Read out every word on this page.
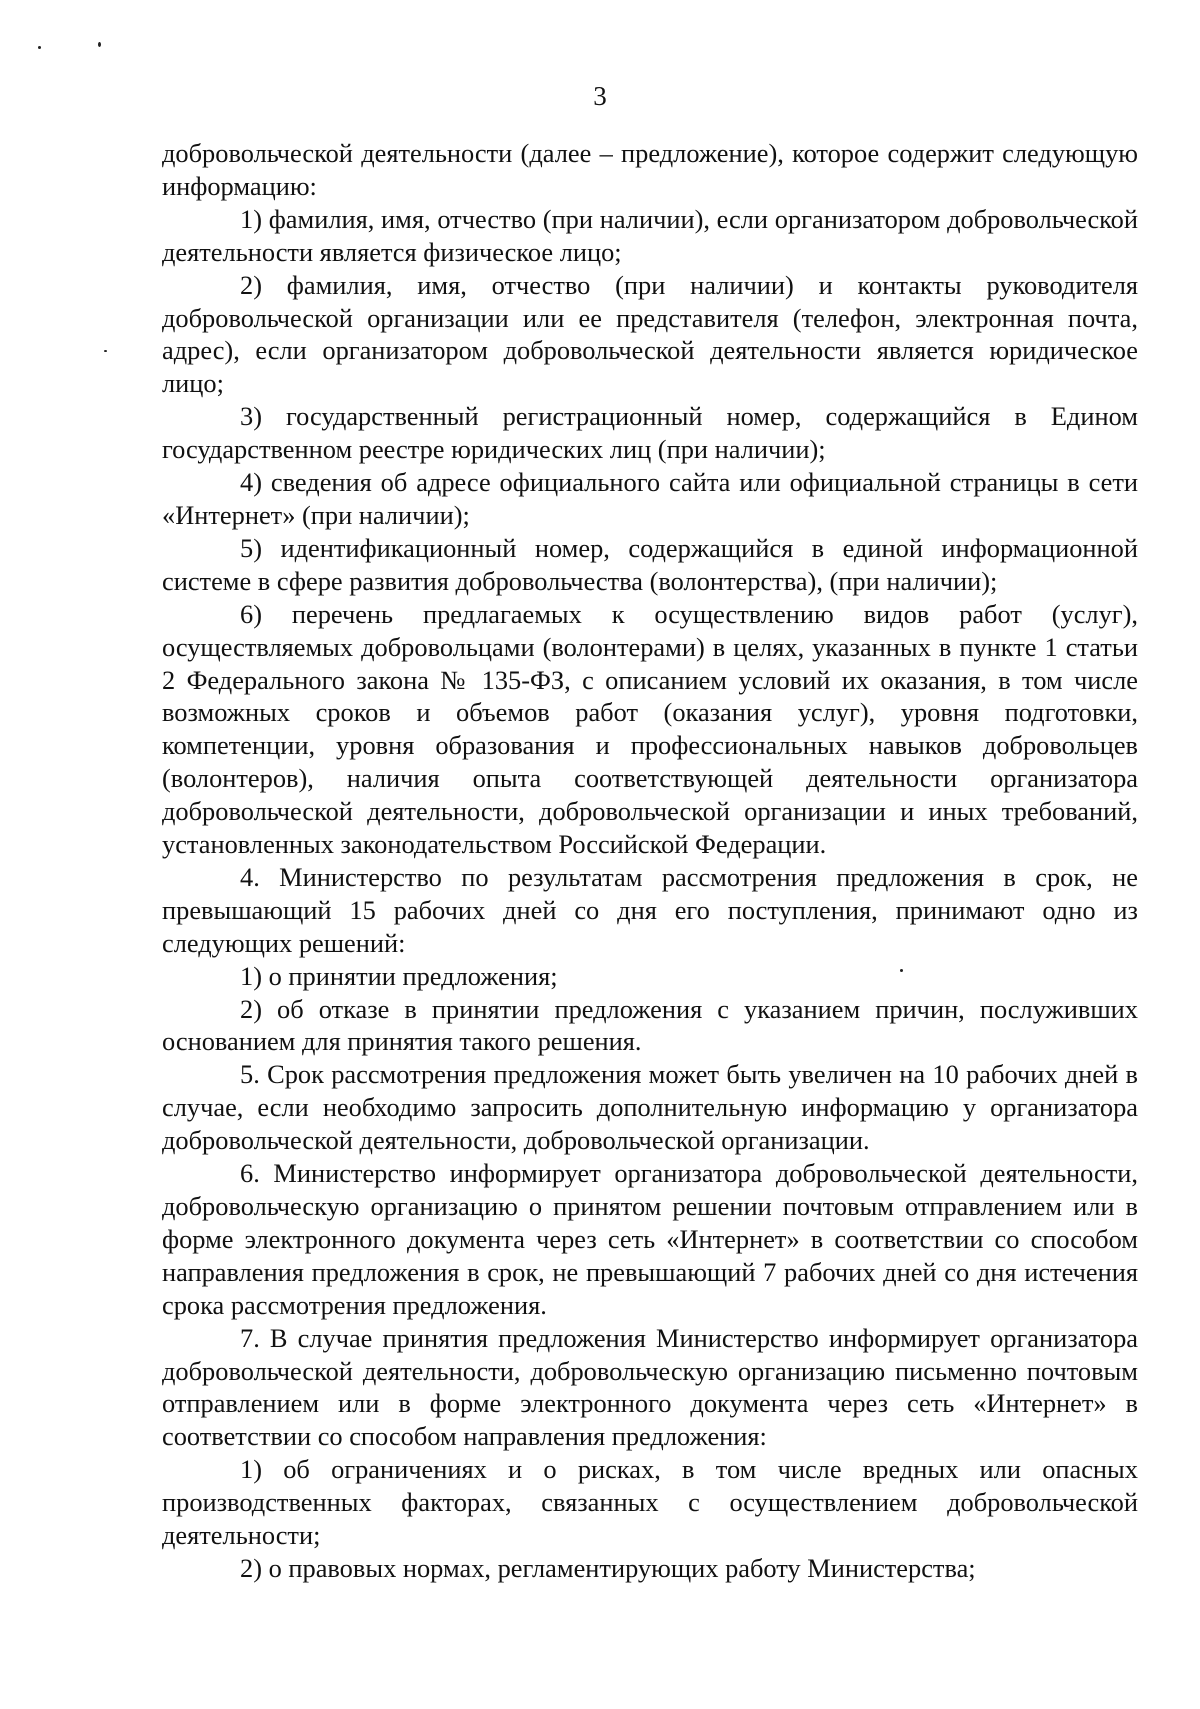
3

добровольческой деятельности (далее – предложение), которое содержит следующую информацию:

1) фамилия, имя, отчество (при наличии), если организатором добровольческой деятельности является физическое лицо;

2) фамилия, имя, отчество (при наличии) и контакты руководителя добровольческой организации или ее представителя (телефон, электронная почта, адрес), если организатором добровольческой деятельности является юридическое лицо;

3) государственный регистрационный номер, содержащийся в Едином государственном реестре юридических лиц (при наличии);

4) сведения об адресе официального сайта или официальной страницы в сети «Интернет» (при наличии);

5) идентификационный номер, содержащийся в единой информационной системе в сфере развития добровольчества (волонтерства), (при наличии);

6) перечень предлагаемых к осуществлению видов работ (услуг), осуществляемых добровольцами (волонтерами) в целях, указанных в пункте 1 статьи 2 Федерального закона № 135-ФЗ, с описанием условий их оказания, в том числе возможных сроков и объемов работ (оказания услуг), уровня подготовки, компетенции, уровня образования и профессиональных навыков добровольцев (волонтеров), наличия опыта соответствующей деятельности организатора добровольческой деятельности, добровольческой организации и иных требований, установленных законодательством Российской Федерации.

4. Министерство по результатам рассмотрения предложения в срок, не превышающий 15 рабочих дней со дня его поступления, принимают одно из следующих решений:

1) о принятии предложения;

2) об отказе в принятии предложения с указанием причин, послуживших основанием для принятия такого решения.

5. Срок рассмотрения предложения может быть увеличен на 10 рабочих дней в случае, если необходимо запросить дополнительную информацию у организатора добровольческой деятельности, добровольческой организации.

6. Министерство информирует организатора добровольческой деятельности, добровольческую организацию о принятом решении почтовым отправлением или в форме электронного документа через сеть «Интернет» в соответствии со способом направления предложения в срок, не превышающий 7 рабочих дней со дня истечения срока рассмотрения предложения.

7. В случае принятия предложения Министерство информирует организатора добровольческой деятельности, добровольческую организацию письменно почтовым отправлением или в форме электронного документа через сеть «Интернет» в соответствии со способом направления предложения:

1) об ограничениях и о рисках, в том числе вредных или опасных производственных факторах, связанных с осуществлением добровольческой деятельности;

2) о правовых нормах, регламентирующих работу Министерства;
